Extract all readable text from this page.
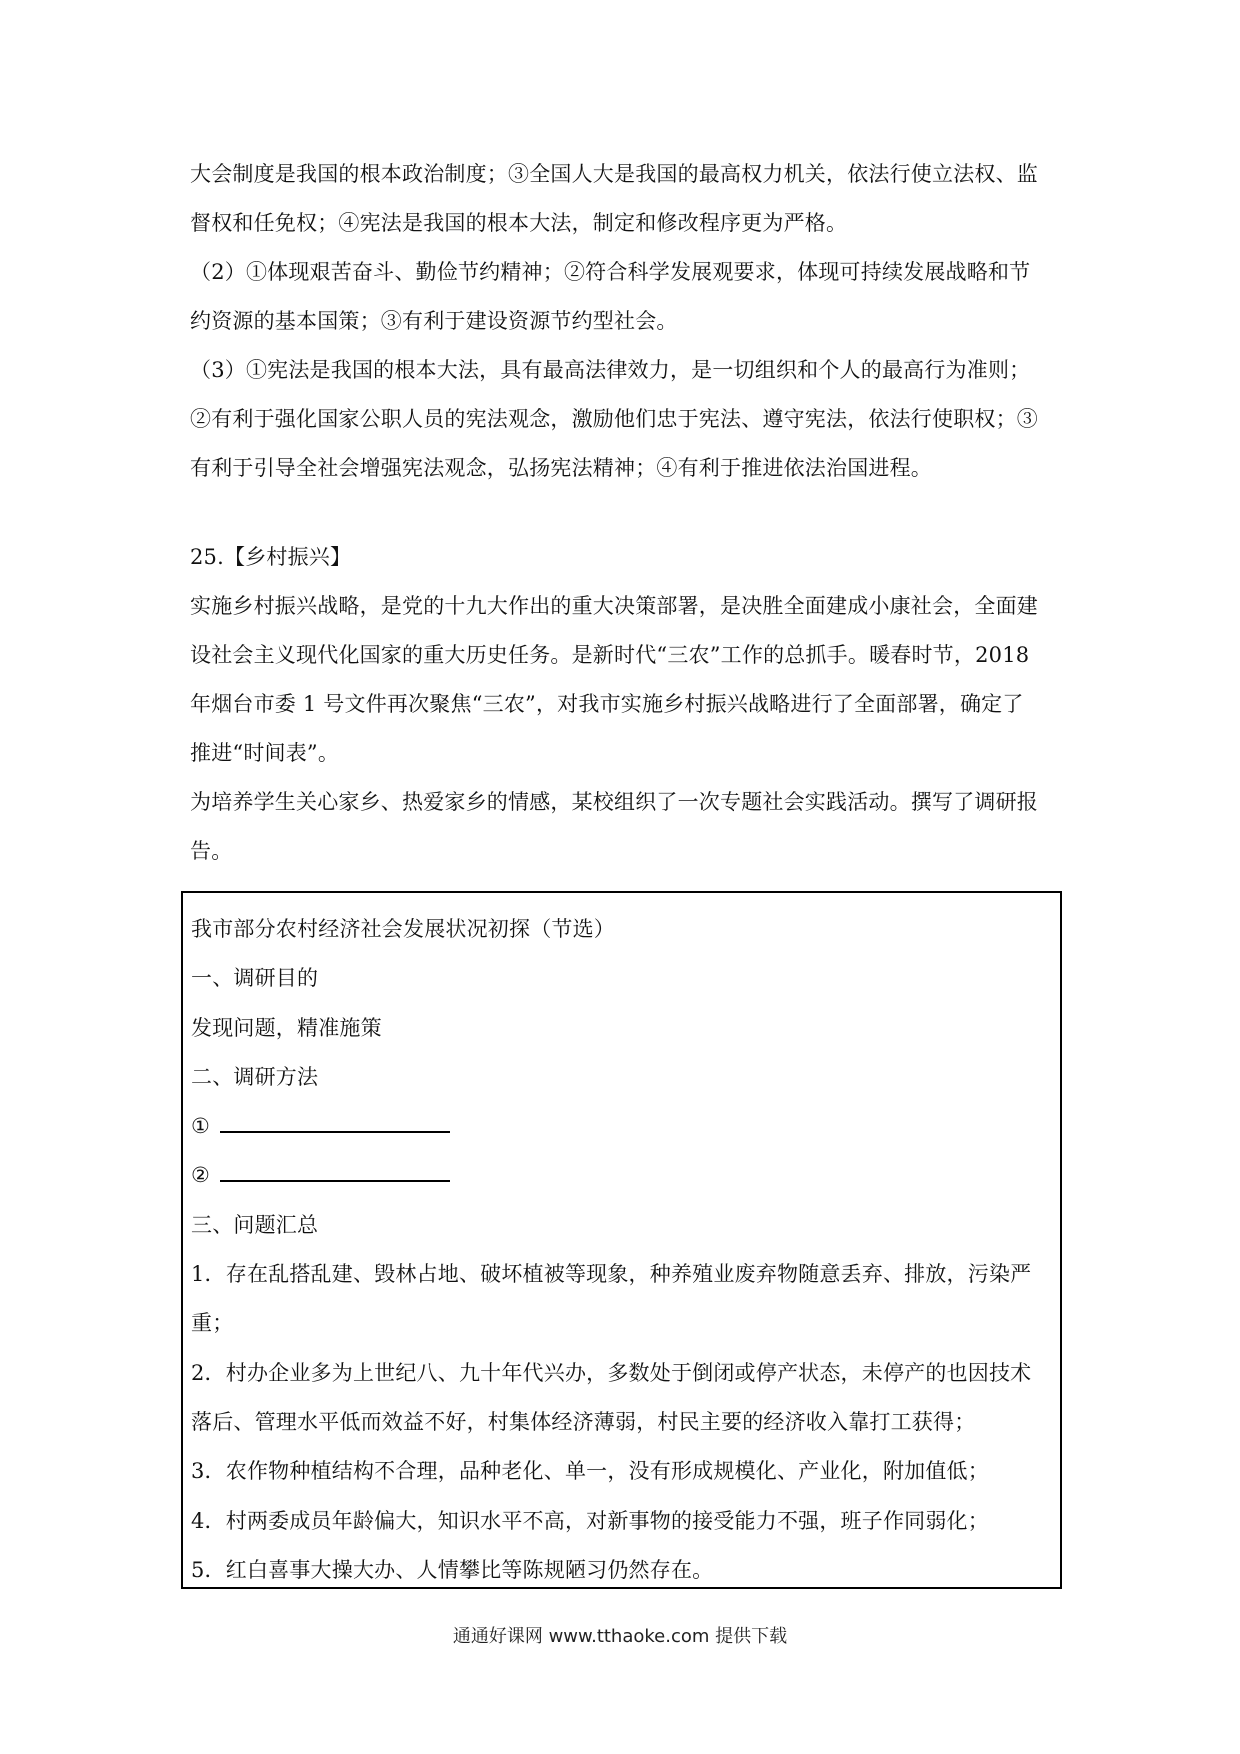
大会制度是我国的根本政治制度；③全国人大是我国的最高权力机关，依法行使立法权、监

督权和任免权；④宪法是我国的根本大法，制定和修改程序更为严格。

（2）①体现艰苦奋斗、勤俭节约精神；②符合科学发展观要求，体现可持续发展战略和节

约资源的基本国策；③有利于建设资源节约型社会。

（3）①宪法是我国的根本大法，具有最高法律效力，是一切组织和个人的最高行为准则；

②有利于强化国家公职人员的宪法观念，激励他们忠于宪法、遵守宪法，依法行使职权；③

有利于引导全社会增强宪法观念，弘扬宪法精神；④有利于推进依法治国进程。

25.【乡村振兴】

实施乡村振兴战略，是党的十九大作出的重大决策部署，是决胜全面建成小康社会，全面建

设社会主义现代化国家的重大历史任务。是新时代“三农”工作的总抓手。暖春时节，2018

年烟台市委 1 号文件再次聚焦“三农”，对我市实施乡村振兴战略进行了全面部署，确定了

推进“时间表”。

为培养学生关心家乡、热爱家乡的情感，某校组织了一次专题社会实践活动。撰写了调研报

告。

我市部分农村经济社会发展状况初探（节选）

一、调研目的

发现问题，精准施策

二、调研方法

①

②

三、问题汇总

1．存在乱搭乱建、毁林占地、破坏植被等现象，种养殖业废弃物随意丢弃、排放，污染严

重；

2．村办企业多为上世纪八、九十年代兴办，多数处于倒闭或停产状态，未停产的也因技术

落后、管理水平低而效益不好，村集体经济薄弱，村民主要的经济收入靠打工获得；

3．农作物种植结构不合理，品种老化、单一，没有形成规模化、产业化，附加值低；

4．村两委成员年龄偏大，知识水平不高，对新事物的接受能力不强，班子作同弱化；

5．红白喜事大操大办、人情攀比等陈规陋习仍然存在。

通通好课网 www.tthaoke.com 提供下载
